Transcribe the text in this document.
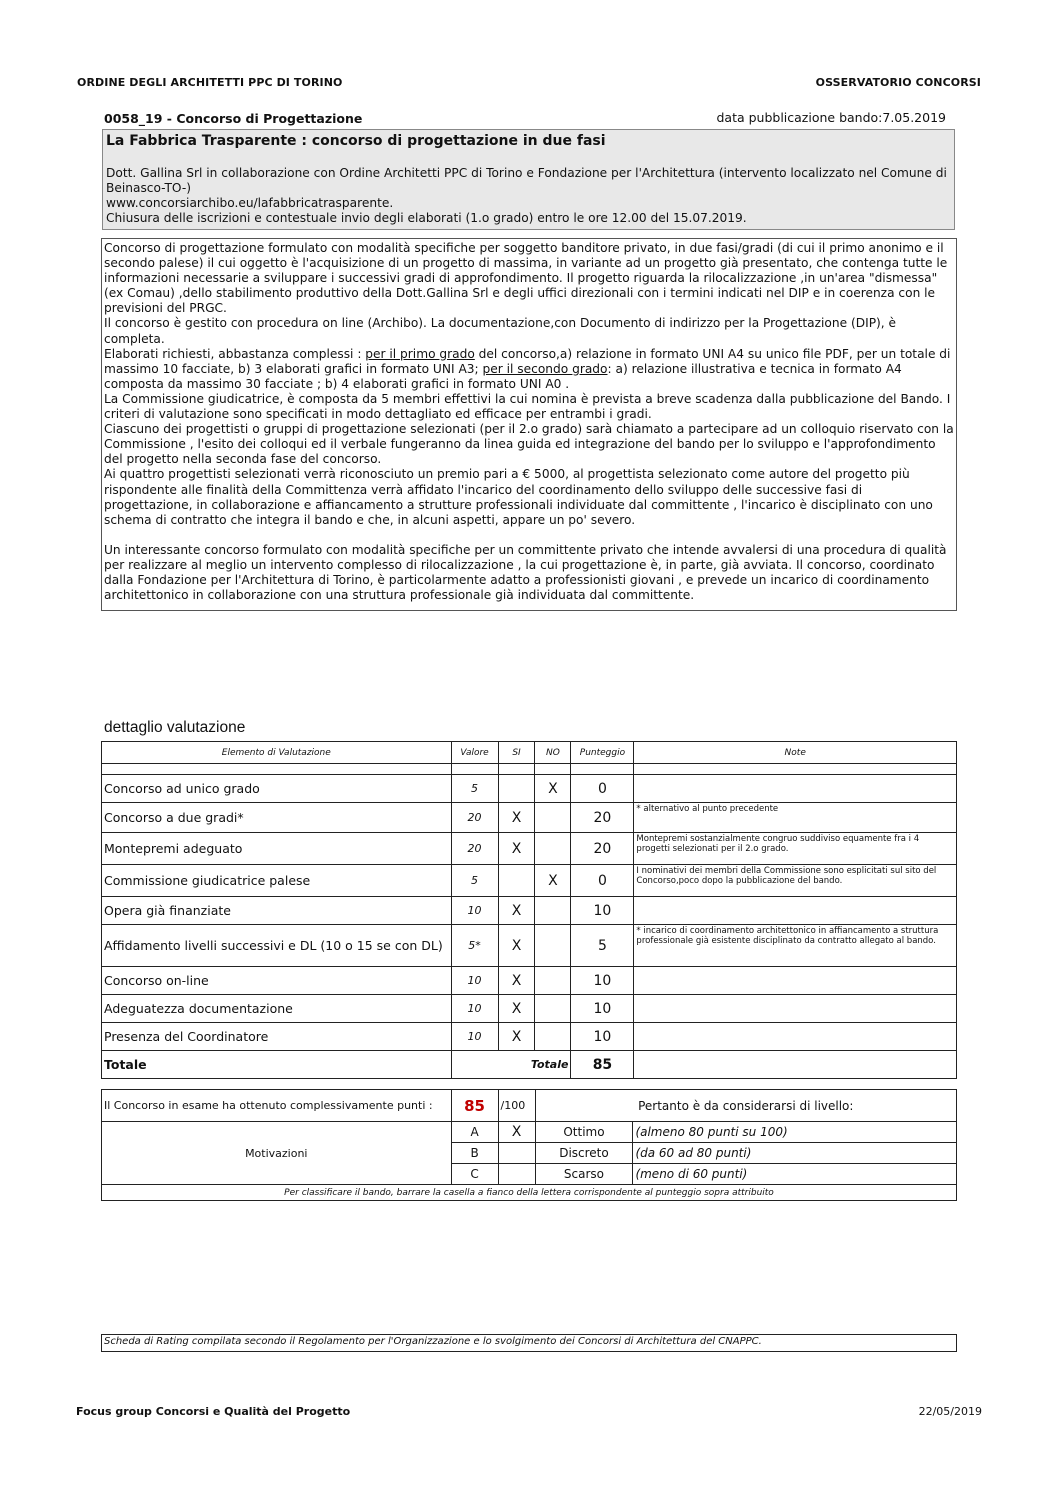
ORDINE DEGLI ARCHITETTI PPC DI TORINO	OSSERVATORIO CONCORSI
0058_19 - Concorso di Progettazione	data pubblicazione bando:7.05.2019
La Fabbrica Trasparente : concorso di progettazione in due fasi
Dott. Gallina Srl in collaborazione con Ordine Architetti PPC di Torino e Fondazione per l'Architettura (intervento localizzato nel Comune di Beinasco-TO-)
www.concorsiarchibo.eu/lafabbricatrasparente.
Chiusura delle iscrizioni e contestuale invio degli elaborati (1.o grado) entro le ore 12.00 del 15.07.2019.

Concorso di progettazione formulato con modalità specifiche per soggetto banditore privato, in due fasi/gradi (di cui il primo anonimo e il secondo palese) il cui oggetto è l'acquisizione di un progetto di massima, in variante ad un progetto già presentato, che contenga tutte le informazioni necessarie a sviluppare i successivi gradi di approfondimento. Il progetto riguarda la rilocalizzazione ,in un'area "dismessa"(ex Comau) ,dello stabilimento produttivo della Dott.Gallina Srl e degli uffici direzionali con i termini indicati nel DIP e in coerenza con le previsioni del PRGC.

Il concorso è gestito con procedura on line (Archibo). La documentazione,con Documento di indirizzo per la Progettazione (DIP), è completa.

Elaborati richiesti, abbastanza complessi : per il primo grado del concorso,a) relazione in formato UNI A4 su unico file PDF, per un totale di massimo 10 facciate, b) 3 elaborati grafici in formato UNI A3; per il secondo grado: a) relazione illustrativa e tecnica in formato A4 composta da massimo 30 facciate ; b) 4 elaborati grafici in formato UNI A0 .

La Commissione giudicatrice, è composta da 5 membri effettivi la cui nomina è prevista a breve scadenza dalla pubblicazione del Bando. I criteri di valutazione sono specificati in modo dettagliato ed efficace per entrambi i gradi.

Ciascuno dei progettisti o gruppi di progettazione selezionati (per il 2.o grado) sarà chiamato a partecipare ad un colloquio riservato con la Commissione , l'esito dei colloqui ed il verbale fungeranno da linea guida ed integrazione del bando per lo sviluppo e l'approfondimento del progetto nella seconda fase del concorso.

Ai quattro progettisti selezionati verrà riconosciuto un premio pari a € 5000, al progettista selezionato come autore del progetto più rispondente alle finalità della Committenza verrà affidato l'incarico del coordinamento dello sviluppo delle successive fasi di progettazione, in collaborazione e affiancamento a strutture professionali individuate dal committente , l'incarico è disciplinato con uno schema di contratto che integra il bando e che, in alcuni aspetti, appare un po' severo.

Un interessante concorso formulato con modalità specifiche per un committente privato che intende avvalersi di una procedura di qualità per realizzare al meglio un intervento complesso di rilocalizzazione , la cui progettazione è, in parte, già avviata. Il concorso, coordinato dalla Fondazione per l'Architettura di Torino, è particolarmente adatto a professionisti giovani , e prevede un incarico di coordinamento architettonico in collaborazione con una struttura professionale già individuata dal committente.

dettaglio valutazione
Elemento di Valutazione	Valore	SI	NO	Punteggio	Note

Concorso ad unico grado	5		X	0	
Concorso a due gradi*	20	X		20	* alternativo al punto precedente
Montepremi adeguato	20	X		20	Montepremi sostanzialmente congruo suddiviso equamente fra i 4 progetti selezionati per il 2.o grado.
Commissione giudicatrice palese	5		X	0	I nominativi dei membri della Commissione sono esplicitati sul sito del Concorso,poco dopo la pubblicazione del bando.
Opera già finanziate	10	X		10	
Affidamento livelli successivi e DL (10 o 15 se con DL)	5*	X		5	* incarico di coordinamento architettonico in affiancamento a struttura professionale già esistente disciplinato da contratto allegato al bando.
Concorso on-line	10	X		10	
Adeguatezza documentazione	10	X		10	
Presenza del Coordinatore	10	X		10	
Totale	Totale			85	
Il Concorso in esame ha ottenuto complessivamente punti :	85	/100	Pertanto è da considerarsi di livello:	
Motivazioni	A	X	Ottimo	(almeno 80 punti su 100)
	B		Discreto	(da 60 ad 80 punti)
	C		Scarso	(meno di 60 punti)
Per classificare il bando, barrare la casella a fianco della lettera corrispondente al punteggio sopra attribuito				
Scheda di Rating compilata secondo il Regolamento per l'Organizzazione e lo svolgimento dei Concorsi di Architettura del CNAPPC.
Focus group Concorsi e Qualità del Progetto	22/05/2019
